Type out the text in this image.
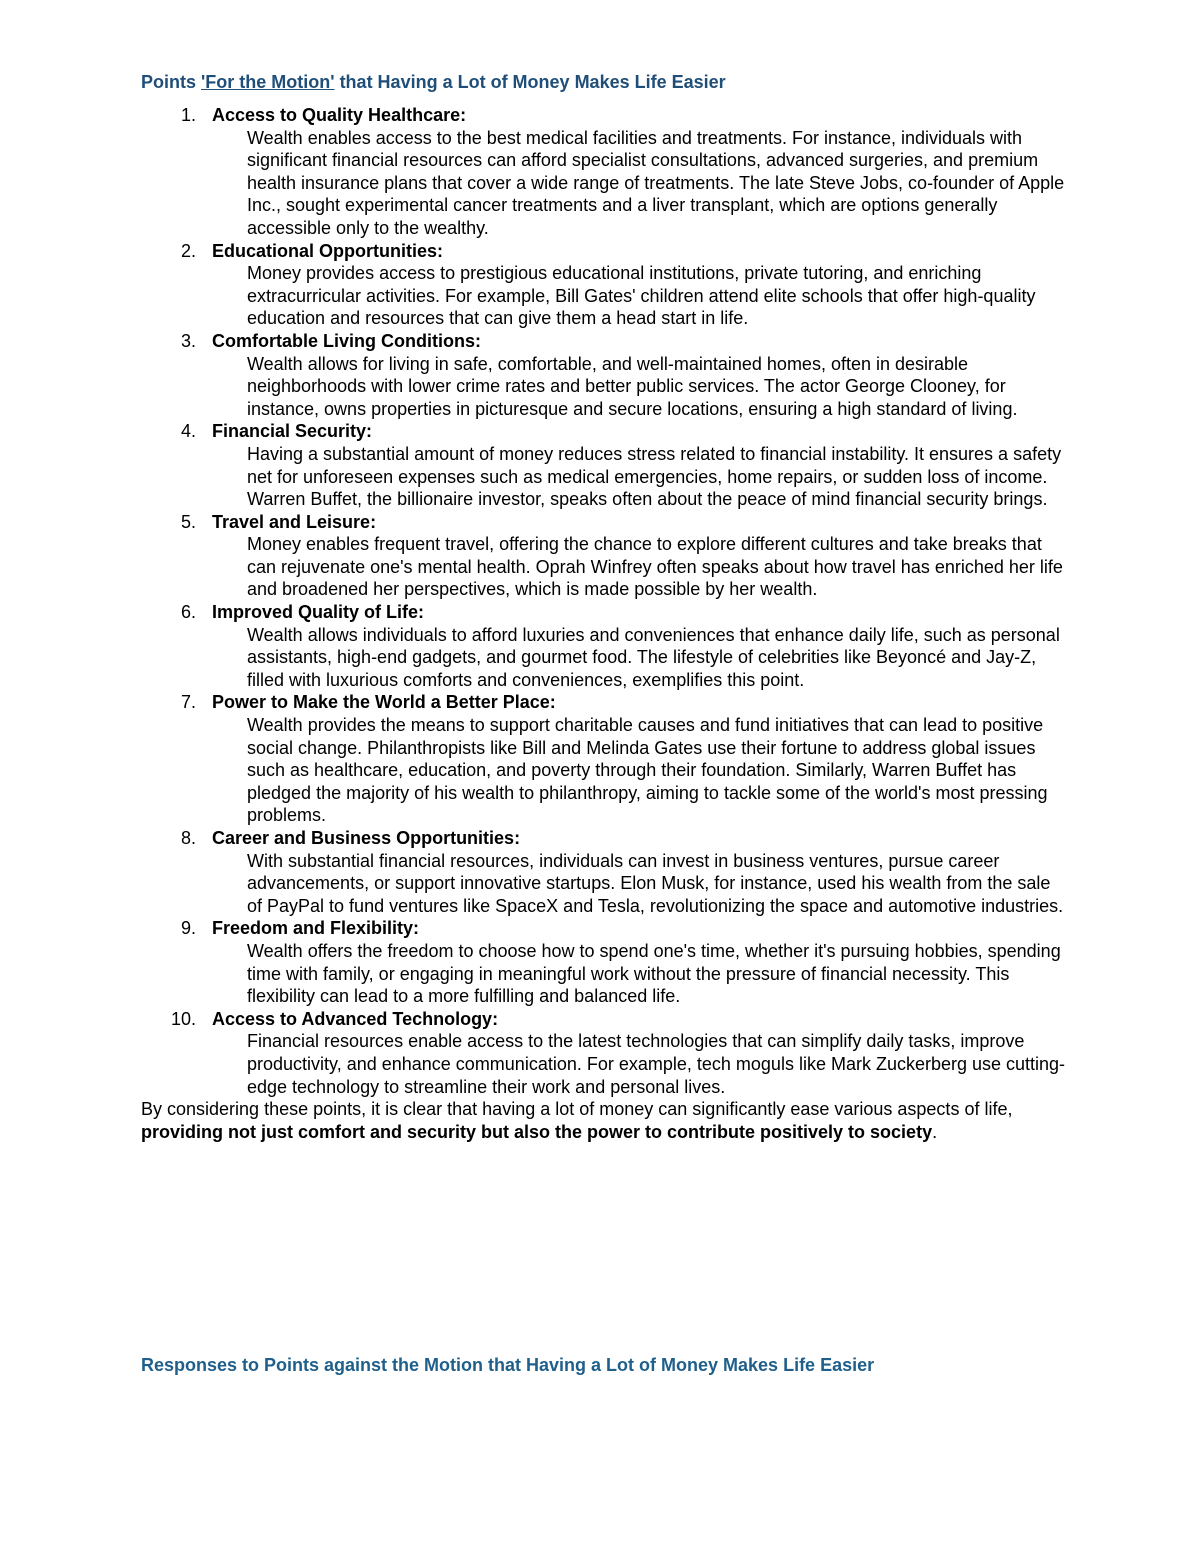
Points 'For the Motion' that Having a Lot of Money Makes Life Easier
1. Access to Quality Healthcare:
Wealth enables access to the best medical facilities and treatments. For instance, individuals with significant financial resources can afford specialist consultations, advanced surgeries, and premium health insurance plans that cover a wide range of treatments. The late Steve Jobs, co-founder of Apple Inc., sought experimental cancer treatments and a liver transplant, which are options generally accessible only to the wealthy.
2. Educational Opportunities:
Money provides access to prestigious educational institutions, private tutoring, and enriching extracurricular activities. For example, Bill Gates' children attend elite schools that offer high-quality education and resources that can give them a head start in life.
3. Comfortable Living Conditions:
Wealth allows for living in safe, comfortable, and well-maintained homes, often in desirable neighborhoods with lower crime rates and better public services. The actor George Clooney, for instance, owns properties in picturesque and secure locations, ensuring a high standard of living.
4. Financial Security:
Having a substantial amount of money reduces stress related to financial instability. It ensures a safety net for unforeseen expenses such as medical emergencies, home repairs, or sudden loss of income. Warren Buffet, the billionaire investor, speaks often about the peace of mind financial security brings.
5. Travel and Leisure:
Money enables frequent travel, offering the chance to explore different cultures and take breaks that can rejuvenate one's mental health. Oprah Winfrey often speaks about how travel has enriched her life and broadened her perspectives, which is made possible by her wealth.
6. Improved Quality of Life:
Wealth allows individuals to afford luxuries and conveniences that enhance daily life, such as personal assistants, high-end gadgets, and gourmet food. The lifestyle of celebrities like Beyoncé and Jay-Z, filled with luxurious comforts and conveniences, exemplifies this point.
7. Power to Make the World a Better Place:
Wealth provides the means to support charitable causes and fund initiatives that can lead to positive social change. Philanthropists like Bill and Melinda Gates use their fortune to address global issues such as healthcare, education, and poverty through their foundation. Similarly, Warren Buffet has pledged the majority of his wealth to philanthropy, aiming to tackle some of the world's most pressing problems.
8. Career and Business Opportunities:
With substantial financial resources, individuals can invest in business ventures, pursue career advancements, or support innovative startups. Elon Musk, for instance, used his wealth from the sale of PayPal to fund ventures like SpaceX and Tesla, revolutionizing the space and automotive industries.
9. Freedom and Flexibility:
Wealth offers the freedom to choose how to spend one's time, whether it's pursuing hobbies, spending time with family, or engaging in meaningful work without the pressure of financial necessity. This flexibility can lead to a more fulfilling and balanced life.
10. Access to Advanced Technology:
Financial resources enable access to the latest technologies that can simplify daily tasks, improve productivity, and enhance communication. For example, tech moguls like Mark Zuckerberg use cutting-edge technology to streamline their work and personal lives.

By considering these points, it is clear that having a lot of money can significantly ease various aspects of life, providing not just comfort and security but also the power to contribute positively to society.

Responses to Points against the Motion that Having a Lot of Money Makes Life Easier
